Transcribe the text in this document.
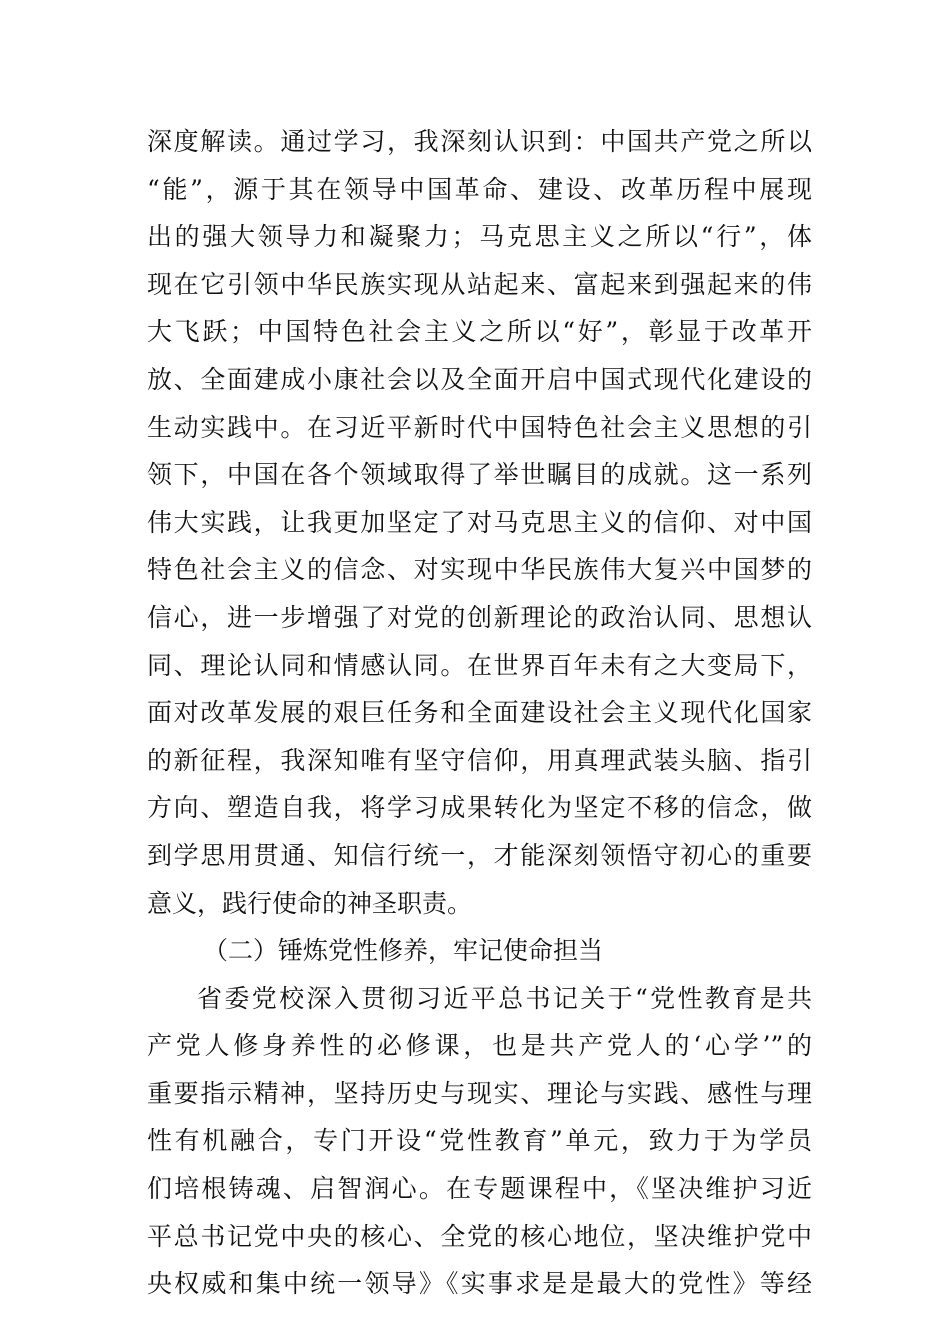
深度解读。通过学习，我深刻认识到：中国共产党之所以
“能”，源于其在领导中国革命、建设、改革历程中展现
出的强大领导力和凝聚力；马克思主义之所以“行”，体
现在它引领中华民族实现从站起来、富起来到强起来的伟
大飞跃；中国特色社会主义之所以“好”，彰显于改革开
放、全面建成小康社会以及全面开启中国式现代化建设的
生动实践中。在习近平新时代中国特色社会主义思想的引
领下，中国在各个领域取得了举世瞩目的成就。这一系列
伟大实践，让我更加坚定了对马克思主义的信仰、对中国
特色社会主义的信念、对实现中华民族伟大复兴中国梦的
信心，进一步增强了对党的创新理论的政治认同、思想认
同、理论认同和情感认同。在世界百年未有之大变局下，
面对改革发展的艰巨任务和全面建设社会主义现代化国家
的新征程，我深知唯有坚守信仰，用真理武装头脑、指引
方向、塑造自我，将学习成果转化为坚定不移的信念，做
到学思用贯通、知信行统一，才能深刻领悟守初心的重要
意义，践行使命的神圣职责。
（二）锤炼党性修养，牢记使命担当
省委党校深入贯彻习近平总书记关于“党性教育是共
产党人修身养性的必修课，也是共产党人的‘心学’”的
重要指示精神，坚持历史与现实、理论与实践、感性与理
性有机融合，专门开设“党性教育”单元，致力于为学员
们培根铸魂、启智润心。在专题课程中，《坚决维护习近
平总书记党中央的核心、全党的核心地位，坚决维护党中
央权威和集中统一领导》《实事求是是最大的党性》等经
